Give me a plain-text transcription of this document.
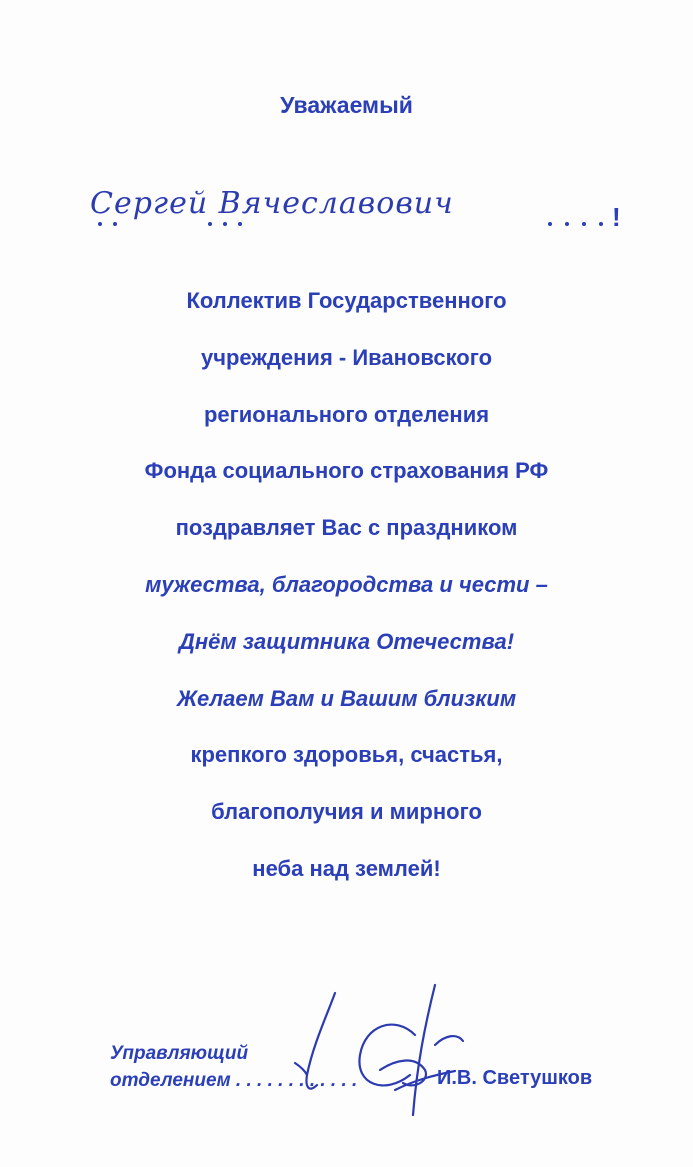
Уважаемый
!
Сергей Вячеславович
Коллектив Государственного
учреждения - Ивановского
регионального отделения
Фонда социального страхования РФ
поздравляет Вас с праздником
мужества, благородства и чести –
Днём защитника Отечества!
Желаем Вам и Вашим близким
крепкого здоровья, счастья,
благополучия и мирного
неба над землей!
Управляющий
отделением . . . . . . . . . . . .	И.В. Светушков
